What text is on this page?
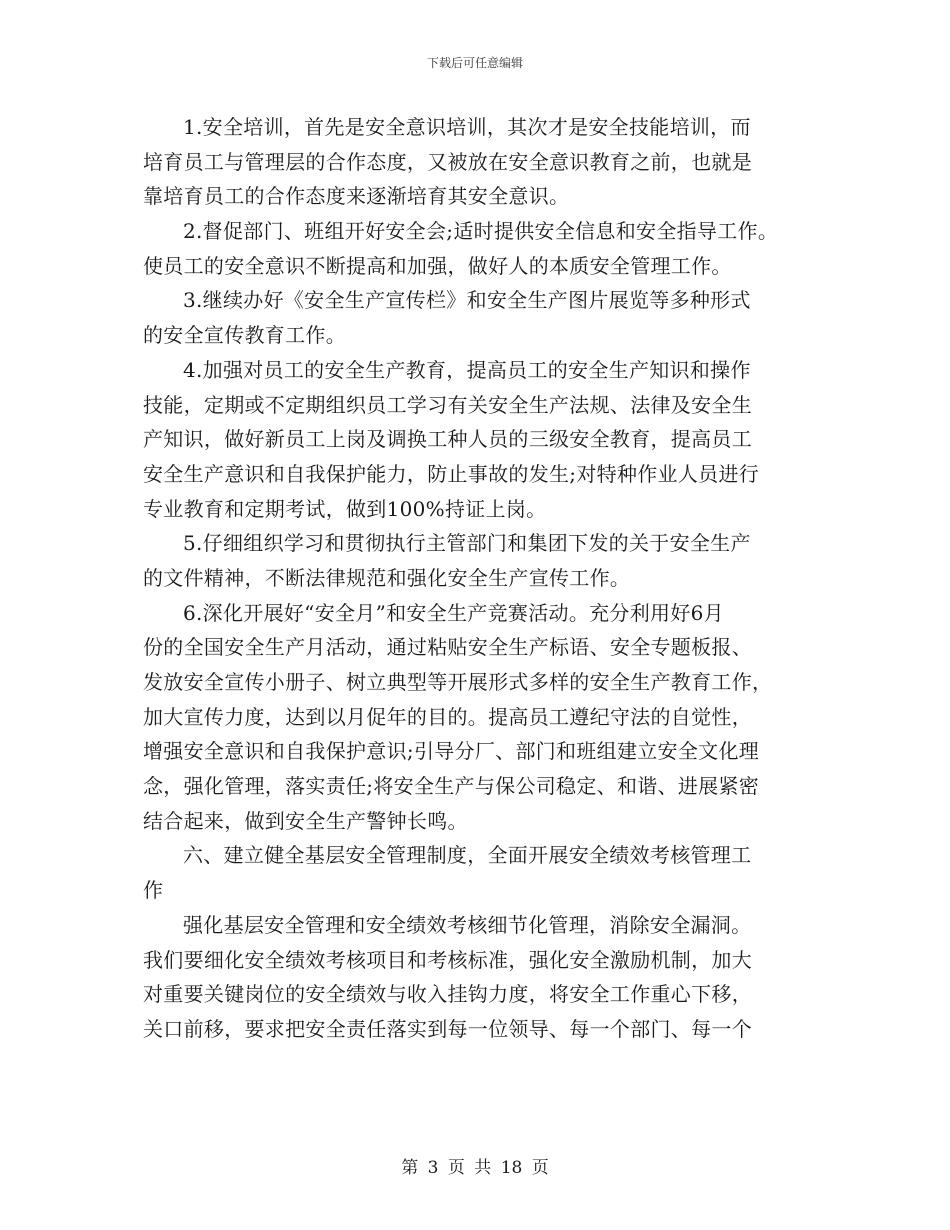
下载后可任意编辑
1.安全培训，首先是安全意识培训，其次才是安全技能培训，而
培育员工与管理层的合作态度，又被放在安全意识教育之前，也就是
靠培育员工的合作态度来逐渐培育其安全意识。
2.督促部门、班组开好安全会;适时提供安全信息和安全指导工作。
使员工的安全意识不断提高和加强，做好人的本质安全管理工作。
3.继续办好《安全生产宣传栏》和安全生产图片展览等多种形式
的安全宣传教育工作。
4.加强对员工的安全生产教育，提高员工的安全生产知识和操作
技能，定期或不定期组织员工学习有关安全生产法规、法律及安全生
产知识，做好新员工上岗及调换工种人员的三级安全教育，提高员工
安全生产意识和自我保护能力，防止事故的发生;对特种作业人员进行
专业教育和定期考试，做到100%持证上岗。
5.仔细组织学习和贯彻执行主管部门和集团下发的关于安全生产
的文件精神，不断法律规范和强化安全生产宣传工作。
6.深化开展好“安全月”和安全生产竞赛活动。充分利用好6月
份的全国安全生产月活动，通过粘贴安全生产标语、安全专题板报、
发放安全宣传小册子、树立典型等开展形式多样的安全生产教育工作，
加大宣传力度，达到以月促年的目的。提高员工遵纪守法的自觉性，
增强安全意识和自我保护意识;引导分厂、部门和班组建立安全文化理
念，强化管理，落实责任;将安全生产与保公司稳定、和谐、进展紧密
结合起来，做到安全生产警钟长鸣。
六、建立健全基层安全管理制度，全面开展安全绩效考核管理工
作
强化基层安全管理和安全绩效考核细节化管理，消除安全漏洞。
我们要细化安全绩效考核项目和考核标准，强化安全激励机制，加大
对重要关键岗位的安全绩效与收入挂钩力度，将安全工作重心下移，
关口前移，要求把安全责任落实到每一位领导、每一个部门、每一个
第 3 页 共 18 页
